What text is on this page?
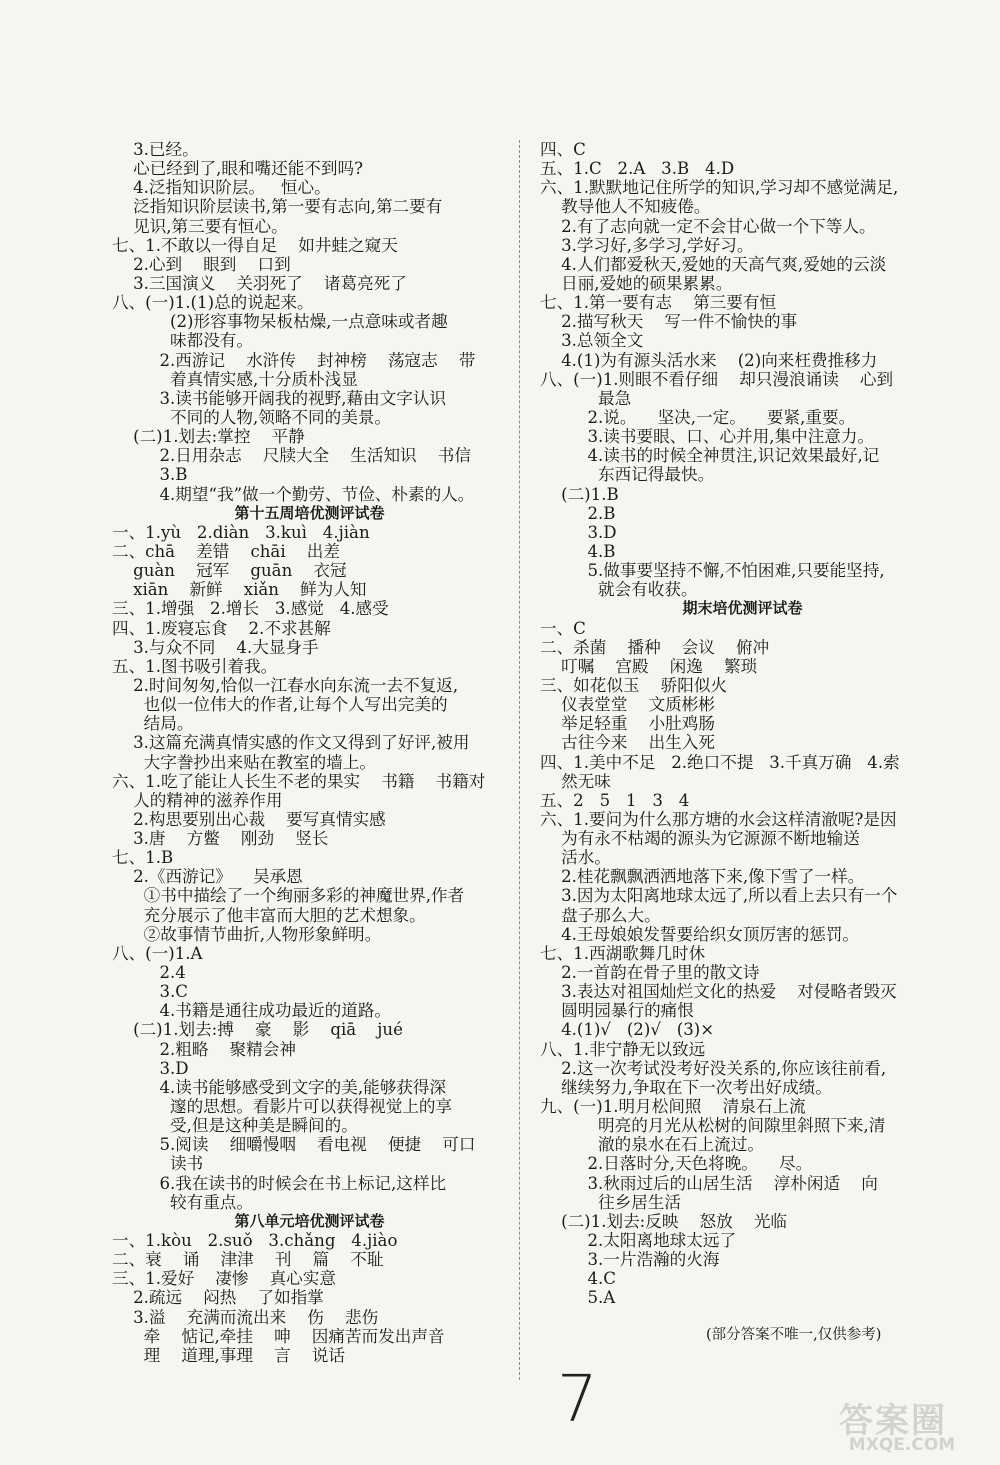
3.已经。
心已经到了,眼和嘴还能不到吗?
4.泛指知识阶层。   恒心。
泛指知识阶层读书,第一要有志向,第二要有
见识,第三要有恒心。
七、1.不敢以一得自足    如井蛙之窥天
2.心到    眼到    口到
3.三国演义    关羽死了    诸葛亮死了
八、(一)1.(1)总的说起来。
(2)形容事物呆板枯燥,一点意味或者趣
味都没有。
2.西游记    水浒传    封神榜    荡寇志    带
着真情实感,十分质朴浅显
3.读书能够开阔我的视野,藉由文字认识
不同的人物,领略不同的美景。
(二)1.划去:掌控    平静
2.日用杂志    尺牍大全    生活知识    书信
3.B
4.期望“我”做一个勤劳、节俭、朴素的人。
第十五周培优测评试卷
一、1.yù   2.diàn   3.kuì   4.jiàn
二、chā    差错    chāi    出差
guàn    冠军    guān    衣冠
xiān    新鲜    xiǎn    鲜为人知
三、1.增强   2.增长   3.感觉   4.感受
四、1.废寝忘食    2.不求甚解
3.与众不同    4.大显身手
五、1.图书吸引着我。
2.时间匆匆,恰似一江春水向东流一去不复返,
也似一位伟大的作者,让每个人写出完美的
结局。
3.这篇充满真情实感的作文又得到了好评,被用
大字誊抄出来贴在教室的墙上。
六、1.吃了能让人长生不老的果实    书籍    书籍对
人的精神的滋养作用
2.构思要别出心裁    要写真情实感
3.唐    方鳖    刚劲    竖长
七、1.B
2.《西游记》    吴承恩
①书中描绘了一个绚丽多彩的神魔世界,作者
充分展示了他丰富而大胆的艺术想象。
②故事情节曲折,人物形象鲜明。
八、(一)1.A
2.4
3.C
4.书籍是通往成功最近的道路。
(二)1.划去:搏    豪    影    qiā    jué
2.粗略    聚精会神
3.D
4.读书能够感受到文字的美,能够获得深
邃的思想。看影片可以获得视觉上的享
受,但是这种美是瞬间的。
5.阅读    细嚼慢咽    看电视    便捷    可口
读书
6.我在读书的时候会在书上标记,这样比
较有重点。
第八单元培优测评试卷
一、1.kòu   2.suǒ   3.chǎng   4.jiào
二、衰    诵    津津    刊    篇    不耻
三、1.爱好    凄惨    真心实意
2.疏远    闷热    了如指掌
3.溢    充满而流出来    伤    悲伤
牵    惦记,牵挂    呻    因痛苦而发出声音
理    道理,事理    言    说话
四、C
五、1.C   2.A   3.B   4.D
六、1.默默地记住所学的知识,学习却不感觉满足,
教导他人不知疲倦。
2.有了志向就一定不会甘心做一个下等人。
3.学习好,多学习,学好习。
4.人们都爱秋天,爱她的天高气爽,爱她的云淡
日丽,爱她的硕果累累。
七、1.第一要有志    第三要有恒
2.描写秋天    写一件不愉快的事
3.总领全文
4.(1)为有源头活水来    (2)向来枉费推移力
八、(一)1.则眼不看仔细    却只漫浪诵读    心到
最急
2.说。    坚决,一定。    要紧,重要。
3.读书要眼、口、心并用,集中注意力。
4.读书的时候全神贯注,识记效果最好,记
东西记得最快。
(二)1.B
2.B
3.D
4.B
5.做事要坚持不懈,不怕困难,只要能坚持,
就会有收获。
期末培优测评试卷
一、C
二、杀菌    播种    会议    俯冲
叮嘱    宫殿    闲逸    繁琐
三、如花似玉    骄阳似火
仪表堂堂    文质彬彬
举足轻重    小肚鸡肠
古往今来    出生入死
四、1.美中不足   2.绝口不提   3.千真万确   4.索
然无味
五、2   5   1   3   4
六、1.要问为什么那方塘的水会这样清澈呢?是因
为有永不枯竭的源头为它源源不断地输送
活水。
2.桂花飘飘洒洒地落下来,像下雪了一样。
3.因为太阳离地球太远了,所以看上去只有一个
盘子那么大。
4.王母娘娘发誓要给织女顶厉害的惩罚。
七、1.西湖歌舞几时休
2.一首韵在骨子里的散文诗
3.表达对祖国灿烂文化的热爱    对侵略者毁灭
圆明园暴行的痛恨
4.(1)√   (2)√   (3)×
八、1.非宁静无以致远
2.这一次考试没考好没关系的,你应该往前看,
继续努力,争取在下一次考出好成绩。
九、(一)1.明月松间照    清泉石上流
明亮的月光从松树的间隙里斜照下来,清
澈的泉水在石上流过。
2.日落时分,天色将晚。    尽。
3.秋雨过后的山居生活    淳朴闲适    向
往乡居生活
(二)1.划去:反映    怒放    光临
2.太阳离地球太远了
3.一片浩瀚的火海
4.C
5.A
(部分答案不唯一,仅供参考)
7	答案圈
MXQE.COM
